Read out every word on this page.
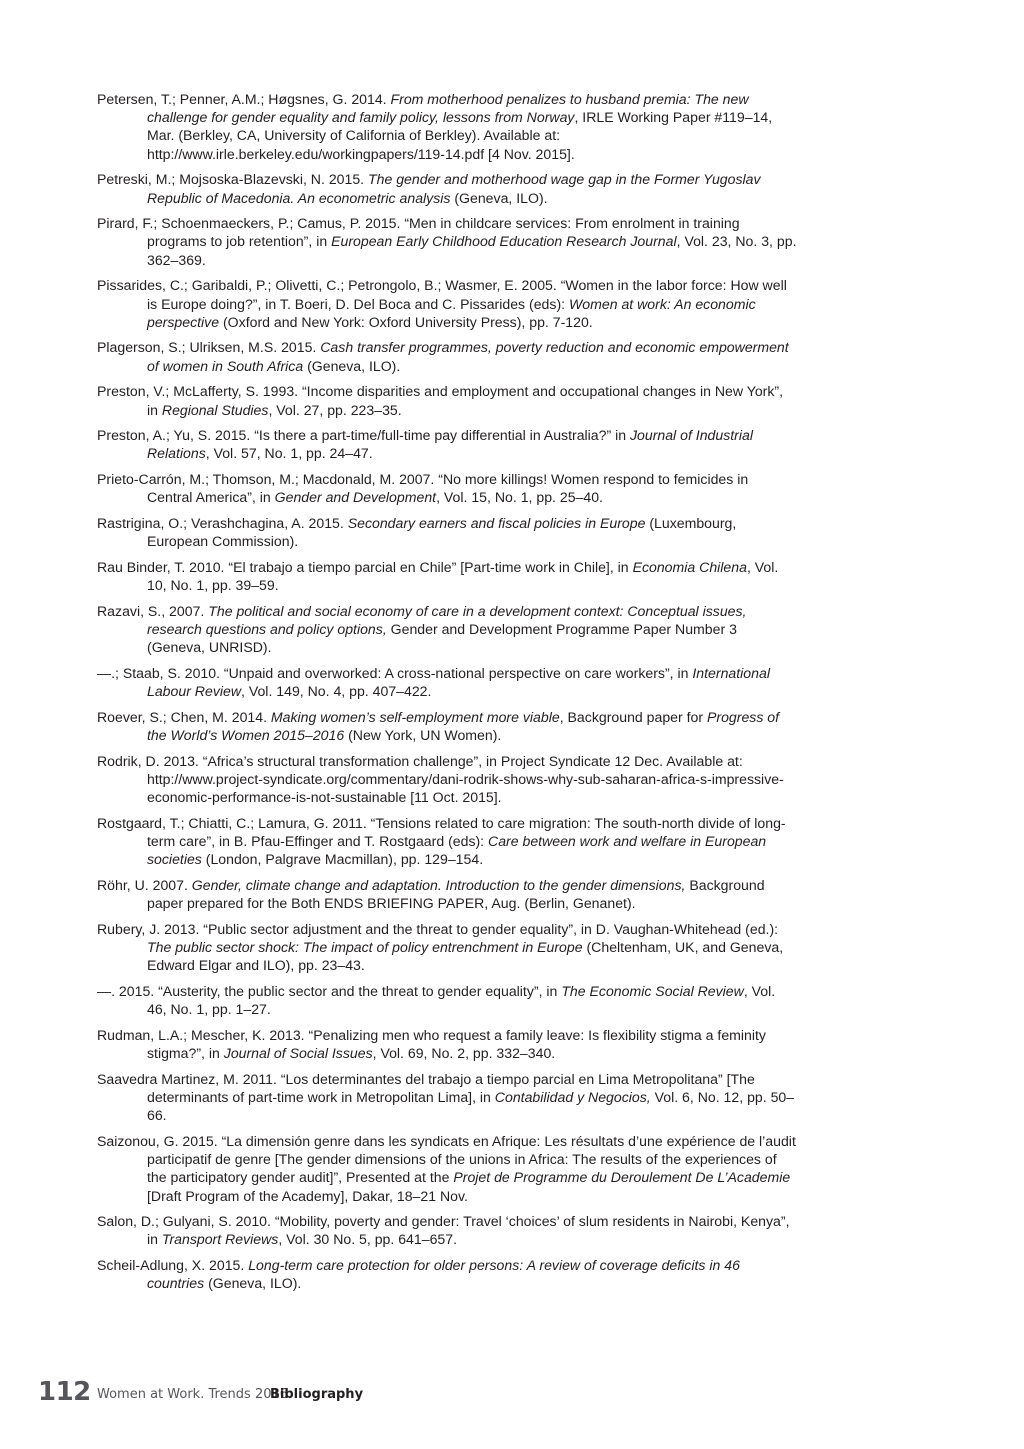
Petersen, T.; Penner, A.M.; Høgsnes, G. 2014. From motherhood penalizes to husband premia: The new challenge for gender equality and family policy, lessons from Norway, IRLE Working Paper #119–14, Mar. (Berkley, CA, University of California of Berkley). Available at: http://www.irle.berkeley.edu/workingpapers/119-14.pdf [4 Nov. 2015].

Petreski, M.; Mojsoska-Blazevski, N. 2015. The gender and motherhood wage gap in the Former Yugoslav Republic of Macedonia. An econometric analysis (Geneva, ILO).

Pirard, F.; Schoenmaeckers, P.; Camus, P. 2015. “Men in childcare services: From enrolment in training programs to job retention”, in European Early Childhood Education Research Journal, Vol. 23, No. 3, pp. 362–369.

Pissarides, C.; Garibaldi, P.; Olivetti, C.; Petrongolo, B.; Wasmer, E. 2005. “Women in the labor force: How well is Europe doing?”, in T. Boeri, D. Del Boca and C. Pissarides (eds): Women at work: An economic perspective (Oxford and New York: Oxford University Press), pp. 7-120.

Plagerson, S.; Ulriksen, M.S. 2015. Cash transfer programmes, poverty reduction and economic empowerment of women in South Africa (Geneva, ILO).

Preston, V.; McLafferty, S. 1993. “Income disparities and employment and occupational changes in New York”, in Regional Studies, Vol. 27, pp. 223–35.

Preston, A.; Yu, S. 2015. “Is there a part-time/full-time pay differential in Australia?” in Journal of Industrial Relations, Vol. 57, No. 1, pp. 24–47.

Prieto-Carrón, M.; Thomson, M.; Macdonald, M. 2007. “No more killings! Women respond to femicides in Central America”, in Gender and Development, Vol. 15, No. 1, pp. 25–40.

Rastrigina, O.; Verashchagina, A. 2015. Secondary earners and fiscal policies in Europe (Luxembourg, European Commission).

Rau Binder, T. 2010. “El trabajo a tiempo parcial en Chile” [Part-time work in Chile], in Economia Chilena, Vol. 10, No. 1, pp. 39–59.

Razavi, S., 2007. The political and social economy of care in a development context: Conceptual issues, research questions and policy options, Gender and Development Programme Paper Number 3 (Geneva, UNRISD).

—.; Staab, S. 2010. “Unpaid and overworked: A cross-national perspective on care workers”, in International Labour Review, Vol. 149, No. 4, pp. 407–422.

Roever, S.; Chen, M. 2014. Making women’s self-employment more viable, Background paper for Progress of the World’s Women 2015–2016 (New York, UN Women).

Rodrik, D. 2013. “Africa’s structural transformation challenge”, in Project Syndicate 12 Dec. Available at: http://www.project-syndicate.org/commentary/dani-rodrik-shows-why-sub-saharan-africa-s-impressive-economic-performance-is-not-sustainable [11 Oct. 2015].

Rostgaard, T.; Chiatti, C.; Lamura, G. 2011. “Tensions related to care migration: The south-north divide of long-term care”, in B. Pfau-Effinger and T. Rostgaard (eds): Care between work and welfare in European societies (London, Palgrave Macmillan), pp. 129–154.

Röhr, U. 2007. Gender, climate change and adaptation. Introduction to the gender dimensions, Background paper prepared for the Both ENDS BRIEFING PAPER, Aug. (Berlin, Genanet).

Rubery, J. 2013. “Public sector adjustment and the threat to gender equality”, in D. Vaughan-Whitehead (ed.): The public sector shock: The impact of policy entrenchment in Europe (Cheltenham, UK, and Geneva, Edward Elgar and ILO), pp. 23–43.

—. 2015. “Austerity, the public sector and the threat to gender equality”, in The Economic Social Review, Vol. 46, No. 1, pp. 1–27.

Rudman, L.A.; Mescher, K. 2013. “Penalizing men who request a family leave: Is flexibility stigma a feminity stigma?”, in Journal of Social Issues, Vol. 69, No. 2, pp. 332–340.

Saavedra Martinez, M. 2011. “Los determinantes del trabajo a tiempo parcial en Lima Metropolitana” [The determinants of part-time work in Metropolitan Lima], in Contabilidad y Negocios, Vol. 6, No. 12, pp. 50–66.

Saizonou, G. 2015. “La dimensión genre dans les syndicats en Afrique: Les résultats d’une expérience de l’audit participatif de genre [The gender dimensions of the unions in Africa: The results of the experiences of the participatory gender audit]”, Presented at the Projet de Programme du Deroulement De L’Academie [Draft Program of the Academy], Dakar, 18–21 Nov.

Salon, D.; Gulyani, S. 2010. “Mobility, poverty and gender: Travel ‘choices’ of slum residents in Nairobi, Kenya”, in Transport Reviews, Vol. 30 No. 5, pp. 641–657.

Scheil-Adlung, X. 2015. Long-term care protection for older persons: A review of coverage deficits in 46 countries (Geneva, ILO).

112 Women at Work. Trends 2016
Bibliography
